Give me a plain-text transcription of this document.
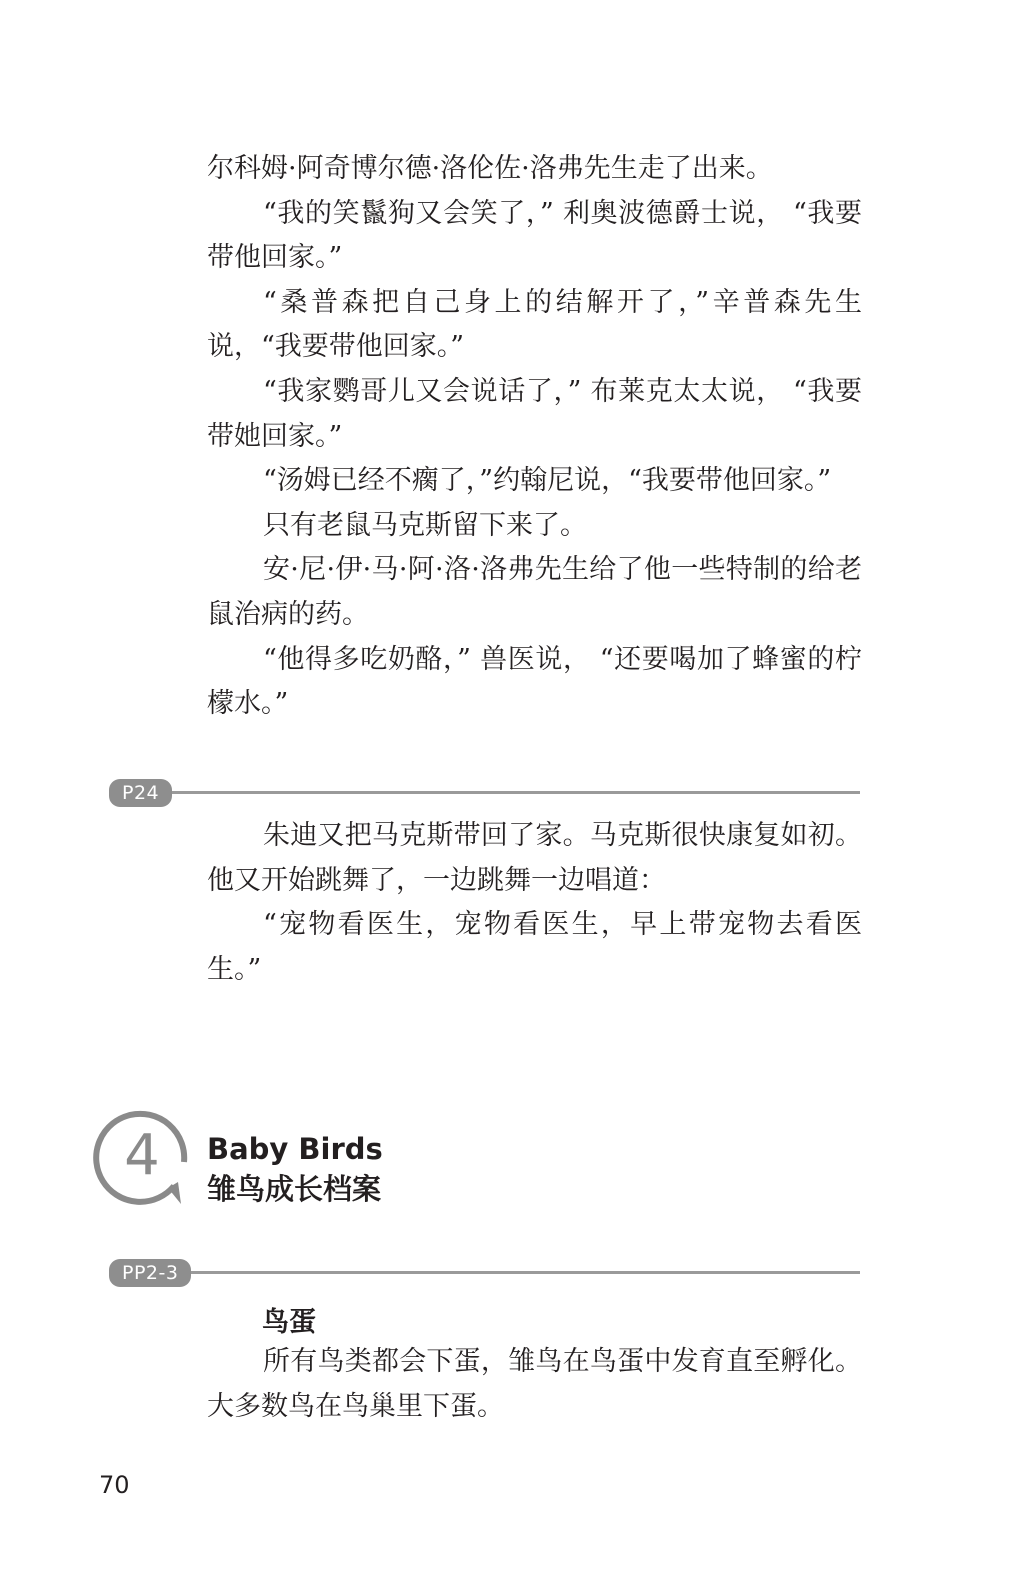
尔科姆·阿奇博尔德·洛伦佐·洛弗先生走了出来。

“我的笑鬣狗又会笑了，” 利奥波德爵士说， “我要带他回家。”

“桑普森把自己身上的结解开了，”辛普森先生说，“我要带他回家。”

“我家鹦哥儿又会说话了，” 布莱克太太说， “我要带她回家。”

“汤姆已经不瘸了，”约翰尼说，“我要带他回家。”

只有老鼠马克斯留下来了。

安·尼·伊·马·阿·洛·洛弗先生给了他一些特制的给老鼠治病的药。

“他得多吃奶酪，” 兽医说， “还要喝加了蜂蜜的柠檬水。”

P24

朱迪又把马克斯带回了家。马克斯很快康复如初。他又开始跳舞了，一边跳舞一边唱道：

“宠物看医生，宠物看医生，早上带宠物去看医生。”

4 Baby Birds
雏鸟成长档案
PP2-3
鸟蛋

所有鸟类都会下蛋，雏鸟在鸟蛋中发育直至孵化。大多数鸟在鸟巢里下蛋。

70
